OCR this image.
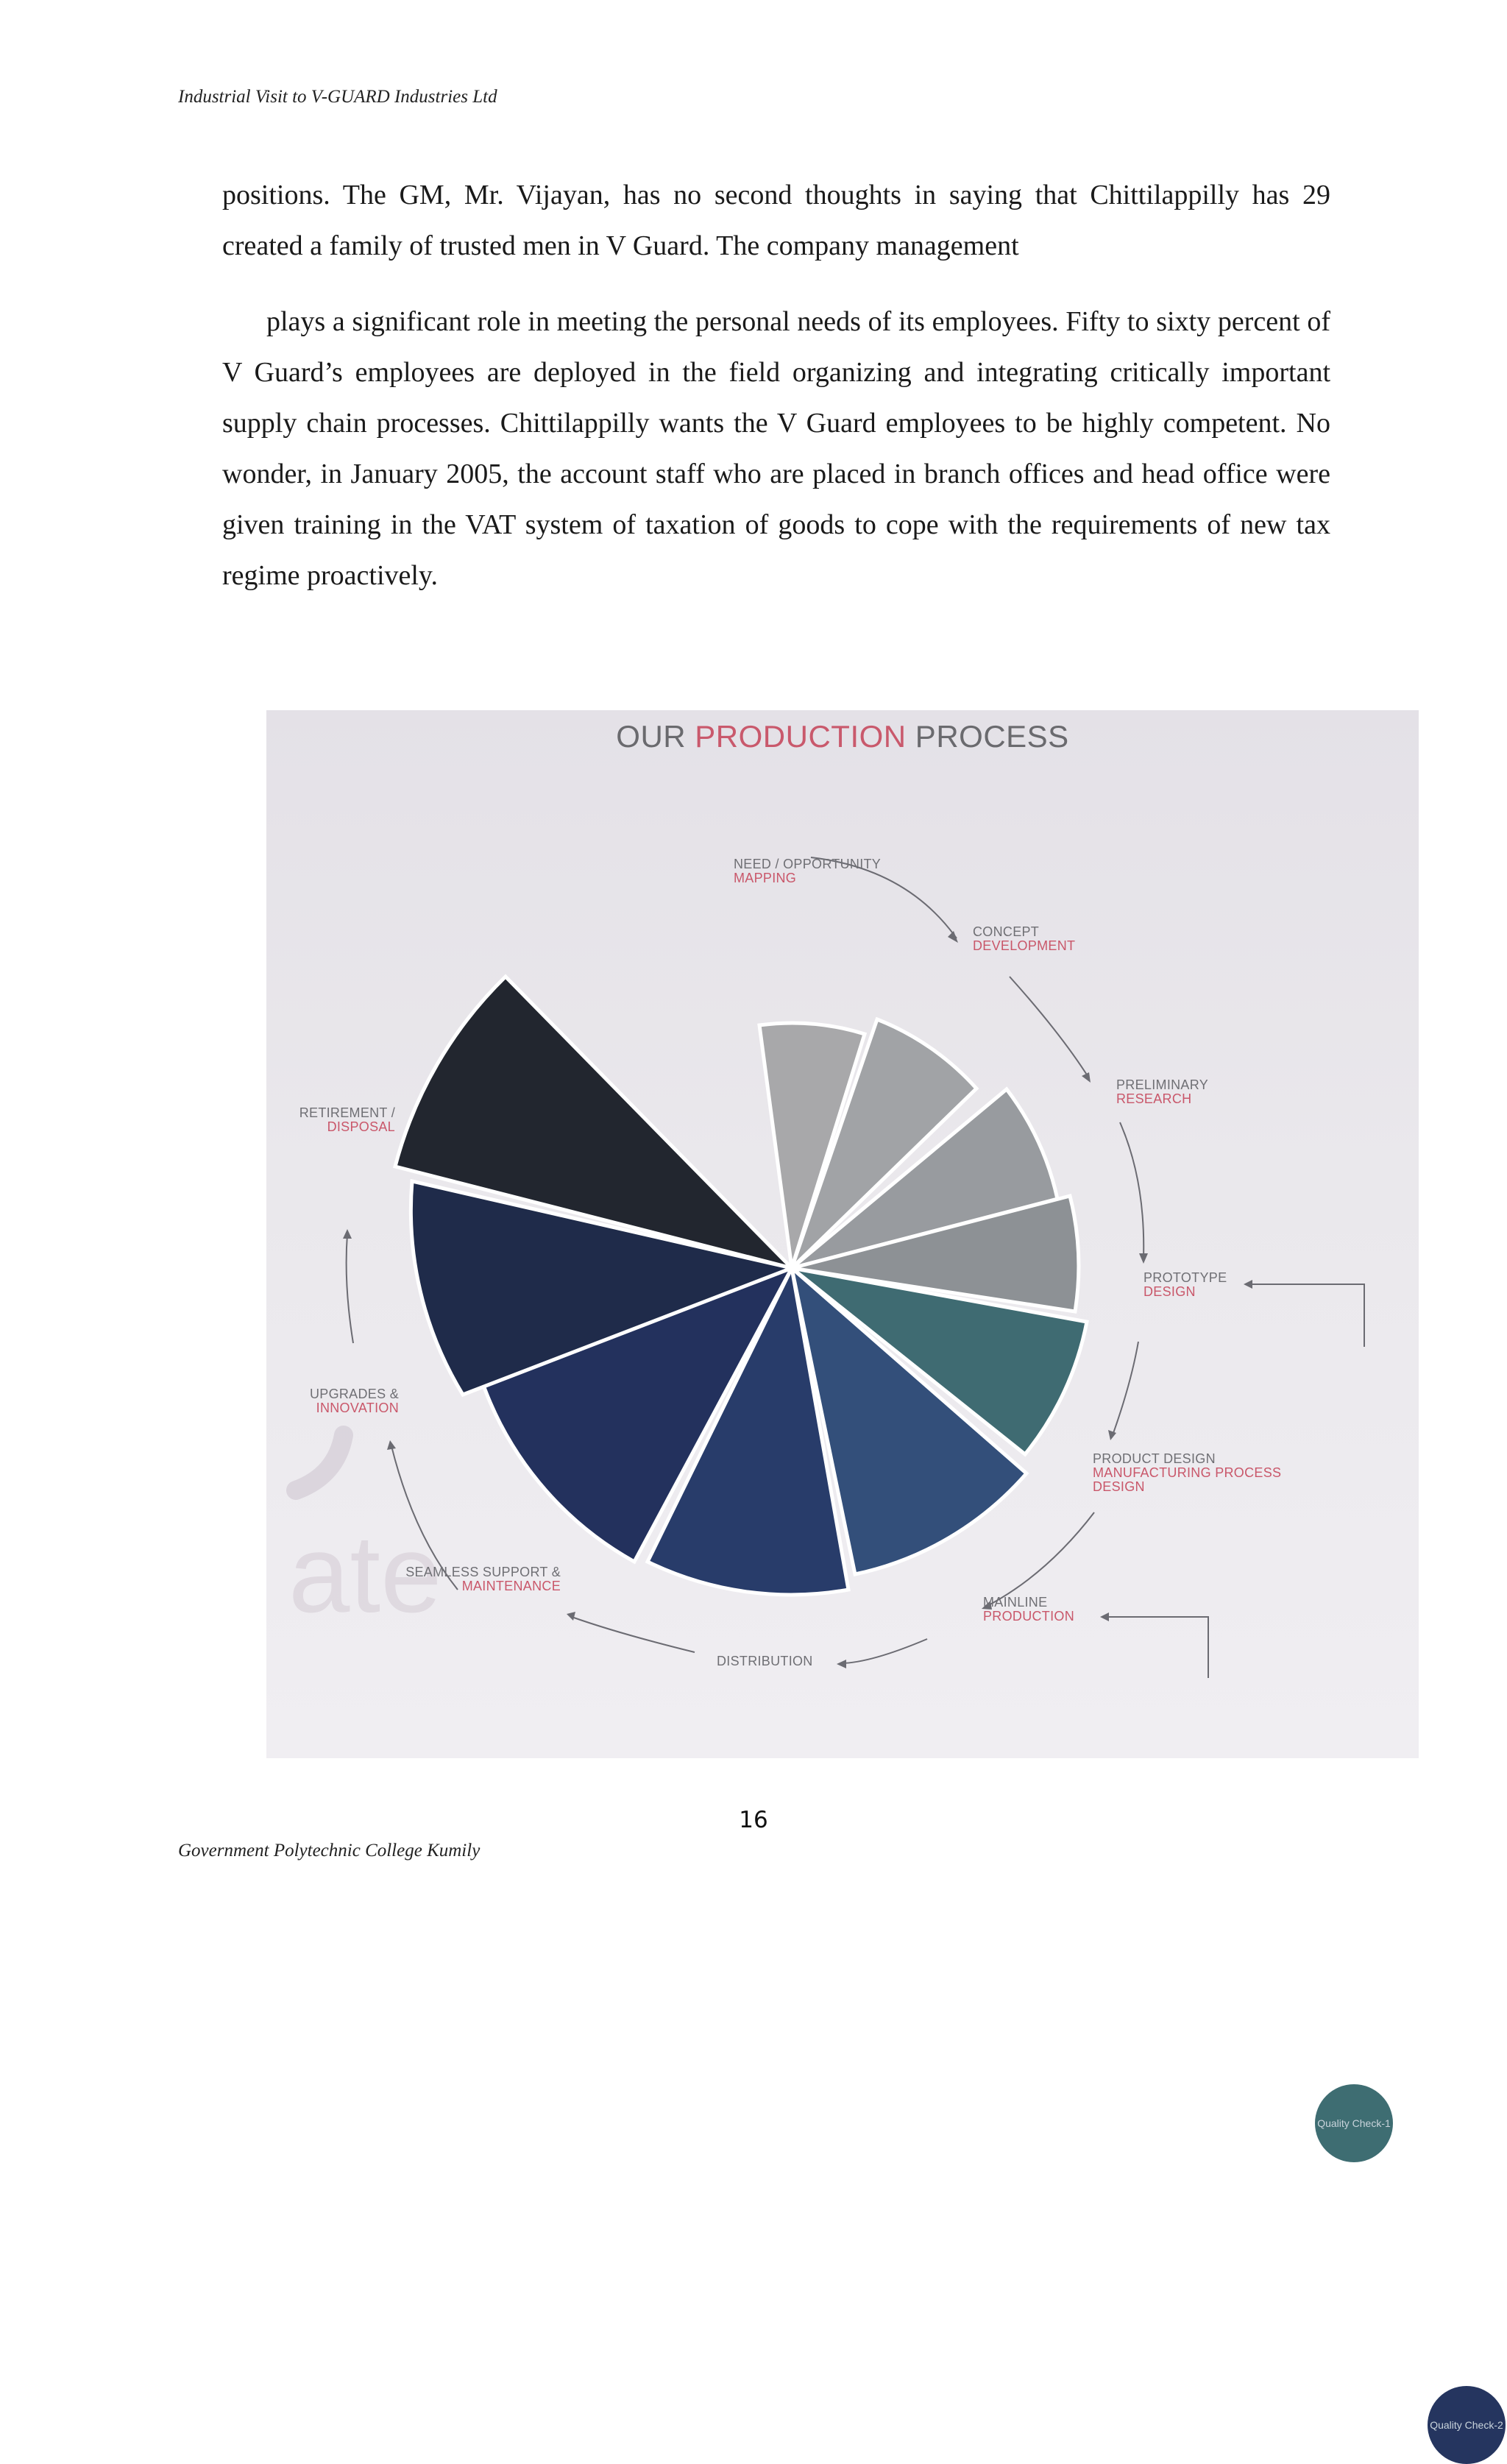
Industrial Visit to V-GUARD Industries Ltd

positions. The GM, Mr. Vijayan, has no second thoughts in saying that Chittilappilly has 29 created a family of trusted men in V Guard. The company management

plays a significant role in meeting the personal needs of its employees. Fifty to sixty percent of V Guard’s employees are deployed in the field organizing and integrating critically important supply chain processes. Chittilappilly wants the V Guard employees to be highly competent. No wonder, in January 2005, the account staff who are placed in branch offices and head office were given training in the VAT system of taxation of goods to cope with the requirements of new tax regime proactively.

ate
OUR PRODUCTION PROCESS
NEED / OPPORTUNITY
MAPPING
CONCEPT
DEVELOPMENT
PRELIMINARY
RESEARCH
PROTOTYPE
DESIGN
PRODUCT DESIGN
MANUFACTURING PROCESS DESIGN
MAINLINE
PRODUCTION
DISTRIBUTION
SEAMLESS SUPPORT &
MAINTENANCE
UPGRADES &
INNOVATION
RETIREMENT /
DISPOSAL
Quality Check-1
Quality Check-2
16
Government Polytechnic College Kumily
